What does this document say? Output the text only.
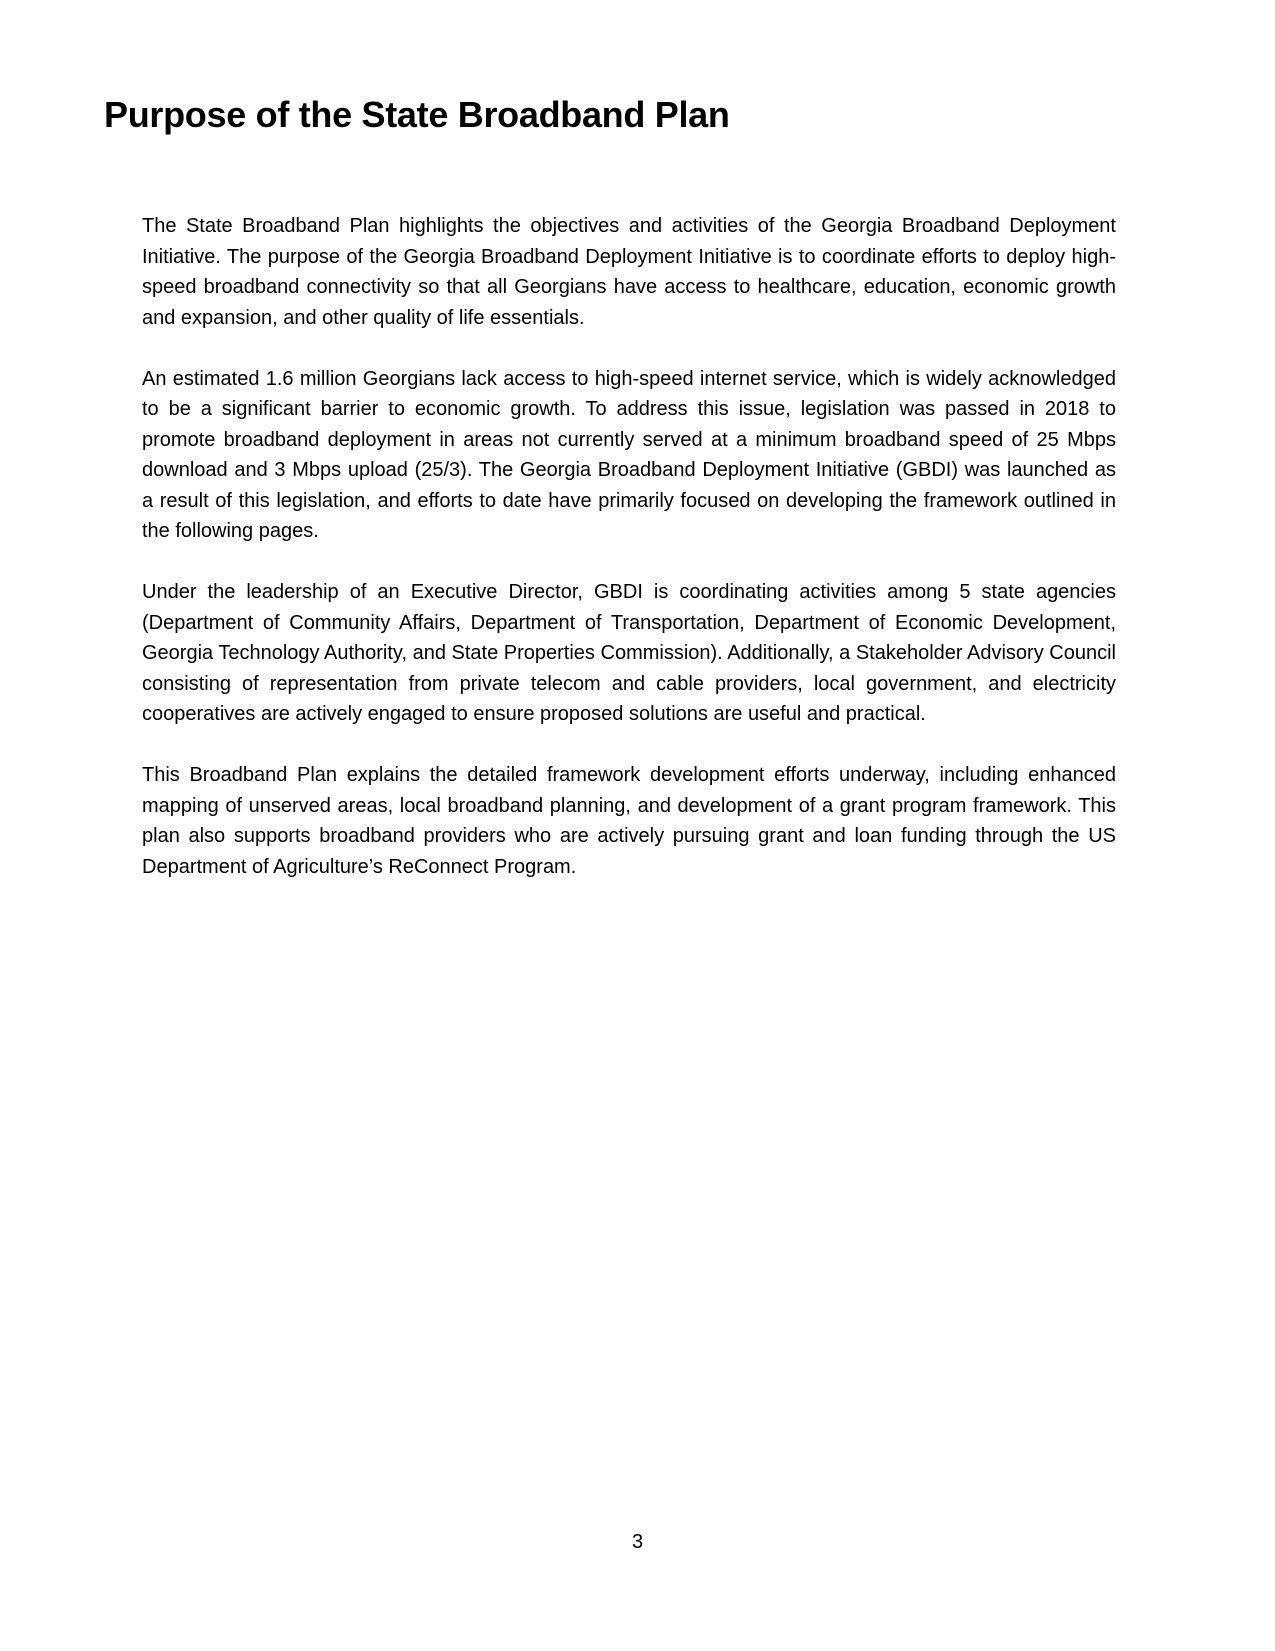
Purpose of the State Broadband Plan

The State Broadband Plan highlights the objectives and activities of the Georgia Broadband Deployment Initiative. The purpose of the Georgia Broadband Deployment Initiative is to coordinate efforts to deploy high-speed broadband connectivity so that all Georgians have access to healthcare, education, economic growth and expansion, and other quality of life essentials.

An estimated 1.6 million Georgians lack access to high-speed internet service, which is widely acknowledged to be a significant barrier to economic growth. To address this issue, legislation was passed in 2018 to promote broadband deployment in areas not currently served at a minimum broadband speed of 25 Mbps download and 3 Mbps upload (25/3). The Georgia Broadband Deployment Initiative (GBDI) was launched as a result of this legislation, and efforts to date have primarily focused on developing the framework outlined in the following pages.

Under the leadership of an Executive Director, GBDI is coordinating activities among 5 state agencies (Department of Community Affairs, Department of Transportation, Department of Economic Development, Georgia Technology Authority, and State Properties Commission). Additionally, a Stakeholder Advisory Council consisting of representation from private telecom and cable providers, local government, and electricity cooperatives are actively engaged to ensure proposed solutions are useful and practical.

This Broadband Plan explains the detailed framework development efforts underway, including enhanced mapping of unserved areas, local broadband planning, and development of a grant program framework. This plan also supports broadband providers who are actively pursuing grant and loan funding through the US Department of Agriculture’s ReConnect Program.

3
